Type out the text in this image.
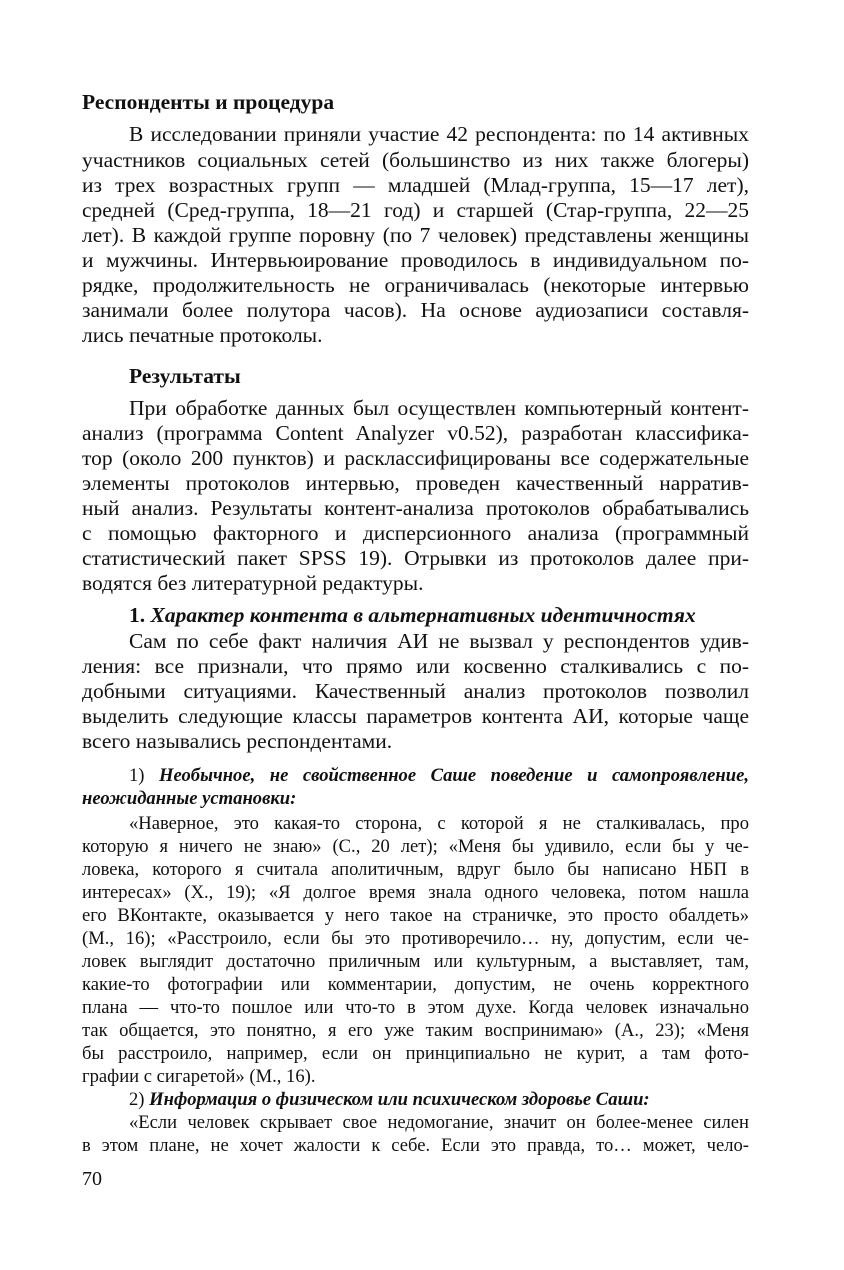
Респонденты и процедура
В исследовании приняли участие 42 респондента: по 14 активных
участников социальных сетей (большинство из них также блогеры)
из трех возрастных групп — младшей (Млад-группа, 15—17 лет),
средней (Сред-группа, 18—21 год) и старшей (Стар-группа, 22—25
лет). В каждой группе поровну (по 7 человек) представлены женщины
и мужчины. Интервьюирование проводилось в индивидуальном по-
рядке, продолжительность не ограничивалась (некоторые интервью
занимали более полутора часов). На основе аудиозаписи составля-
лись печатные протоколы.
Результаты
При обработке данных был осуществлен компьютерный контент-
анализ (программа Content Analyzer v0.52), разработан классифика-
тор (около 200 пунктов) и расклассифицированы все содержательные
элементы протоколов интервью, проведен качественный нарратив-
ный анализ. Результаты контент-анализа протоколов обрабатывались
с помощью факторного и дисперсионного анализа (программный
статистический пакет SPSS 19). Отрывки из протоколов далее при-
водятся без литературной редактуры.
1. Характер контента в альтернативных идентичностях
Сам по себе факт наличия АИ не вызвал у респондентов удив-
ления: все признали, что прямо или косвенно сталкивались с по-
добными ситуациями. Качественный анализ протоколов позволил
выделить следующие классы параметров контента АИ, которые чаще
всего назывались респондентами.
1) Необычное, не свойственное Саше поведение и самопроявление,
неожиданные установки:
«Наверное, это какая-то сторона, с которой я не сталкивалась, про
которую я ничего не знаю» (С., 20 лет); «Меня бы удивило, если бы у че-
ловека, которого я считала аполитичным, вдруг было бы написано НБП в
интересах» (Х., 19); «Я долгое время знала одного человека, потом нашла
его ВКонтакте, оказывается у него такое на страничке, это просто обалдеть»
(М., 16); «Расстроило, если бы это противоречило… ну, допустим, если че-
ловек выглядит достаточно приличным или культурным, а выставляет, там,
какие-то фотографии или комментарии, допустим, не очень корректного
плана — что-то пошлое или что-то в этом духе. Когда человек изначально
так общается, это понятно, я его уже таким воспринимаю» (А., 23); «Меня
бы расстроило, например, если он принципиально не курит, а там фото-
графии с сигаретой» (М., 16).
2) Информация о физическом или психическом здоровье Саши:
«Если человек скрывает свое недомогание, значит он более-менее силен
в этом плане, не хочет жалости к себе. Если это правда, то… может, чело-
70
